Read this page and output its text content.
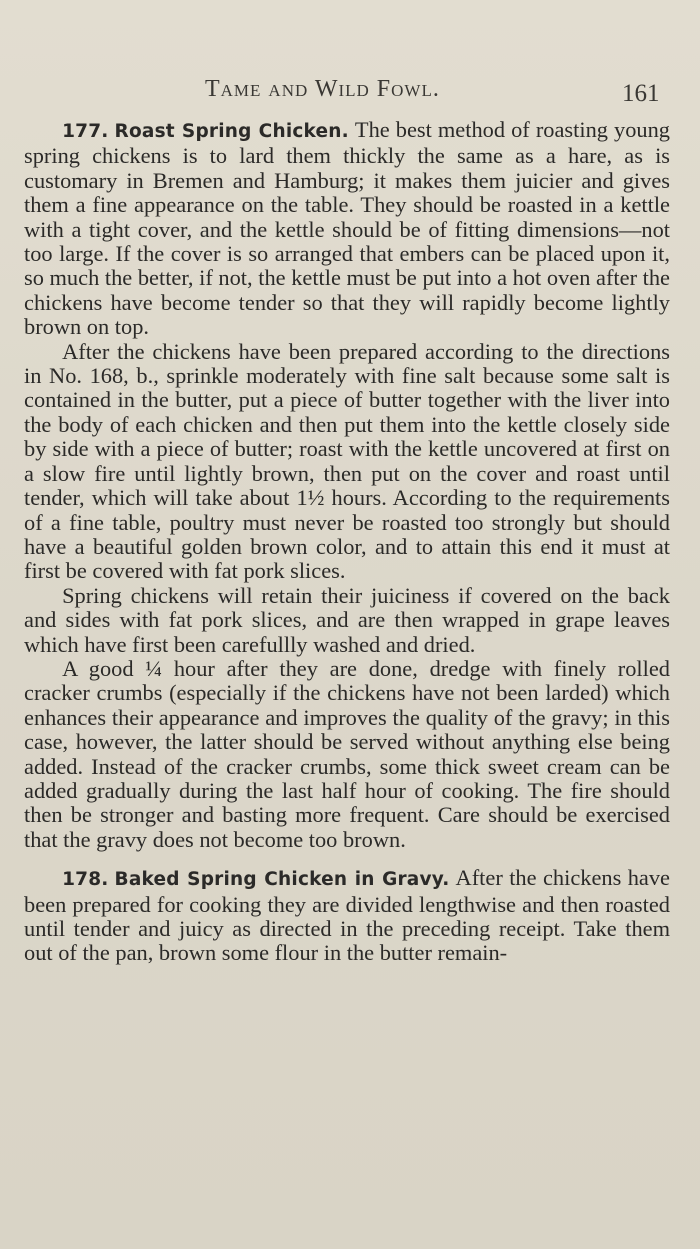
Tame and Wild Fowl.	161

177. Roast Spring Chicken. The best method of roasting young spring chickens is to lard them thickly the same as a hare, as is customary in Bremen and Hamburg; it makes them juicier and gives them a fine appearance on the table. They should be roasted in a kettle with a tight cover, and the kettle should be of fitting dimensions—not too large. If the cover is so arranged that embers can be placed upon it, so much the better, if not, the kettle must be put into a hot oven after the chickens have become tender so that they will rapidly become lightly brown on top.

After the chickens have been prepared according to the directions in No. 168, b., sprinkle moderately with fine salt because some salt is contained in the butter, put a piece of butter together with the liver into the body of each chicken and then put them into the kettle closely side by side with a piece of butter; roast with the kettle uncovered at first on a slow fire until lightly brown, then put on the cover and roast until tender, which will take about 1½ hours. According to the requirements of a fine table, poultry must never be roasted too strongly but should have a beautiful golden brown color, and to attain this end it must at first be covered with fat pork slices.

Spring chickens will retain their juiciness if covered on the back and sides with fat pork slices, and are then wrapped in grape leaves which have first been carefullly washed and dried.

A good ¼ hour after they are done, dredge with finely rolled cracker crumbs (especially if the chickens have not been larded) which enhances their appearance and improves the quality of the gravy; in this case, however, the latter should be served without anything else being added. Instead of the cracker crumbs, some thick sweet cream can be added gradually during the last half hour of cooking. The fire should then be stronger and basting more frequent. Care should be exercised that the gravy does not become too brown.

178. Baked Spring Chicken in Gravy. After the chickens have been prepared for cooking they are divided lengthwise and then roasted until tender and juicy as directed in the preceding receipt. Take them out of the pan, brown some flour in the butter remain-
